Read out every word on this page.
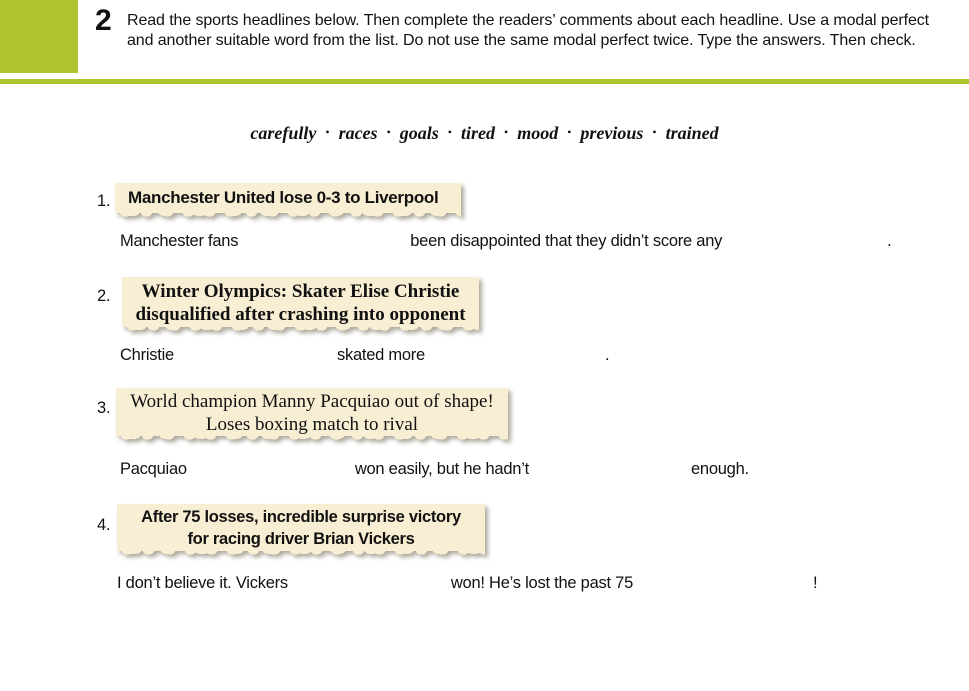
2 Read the sports headlines below. Then complete the readers’ comments about each headline. Use a modal perfect and another suitable word from the list. Do not use the same modal perfect twice. Type the answers. Then check.
carefully • races • goals • tired • mood • previous • trained
1. Manchester United lose 0-3 to Liverpool
Manchester fans	been disappointed that they didn’t score any	.
2.	Winter Olympics: Skater Elise Christie
disqualified after crashing into opponent
Christie	skated more	.
3.	World champion Manny Pacquiao out of shape!
Loses boxing match to rival
Pacquiao	won easily, but he hadn’t	enough.
4.	After 75 losses, incredible surprise victory
for racing driver Brian Vickers
I don’t believe it. Vickers	won! He’s lost the past 75	!
